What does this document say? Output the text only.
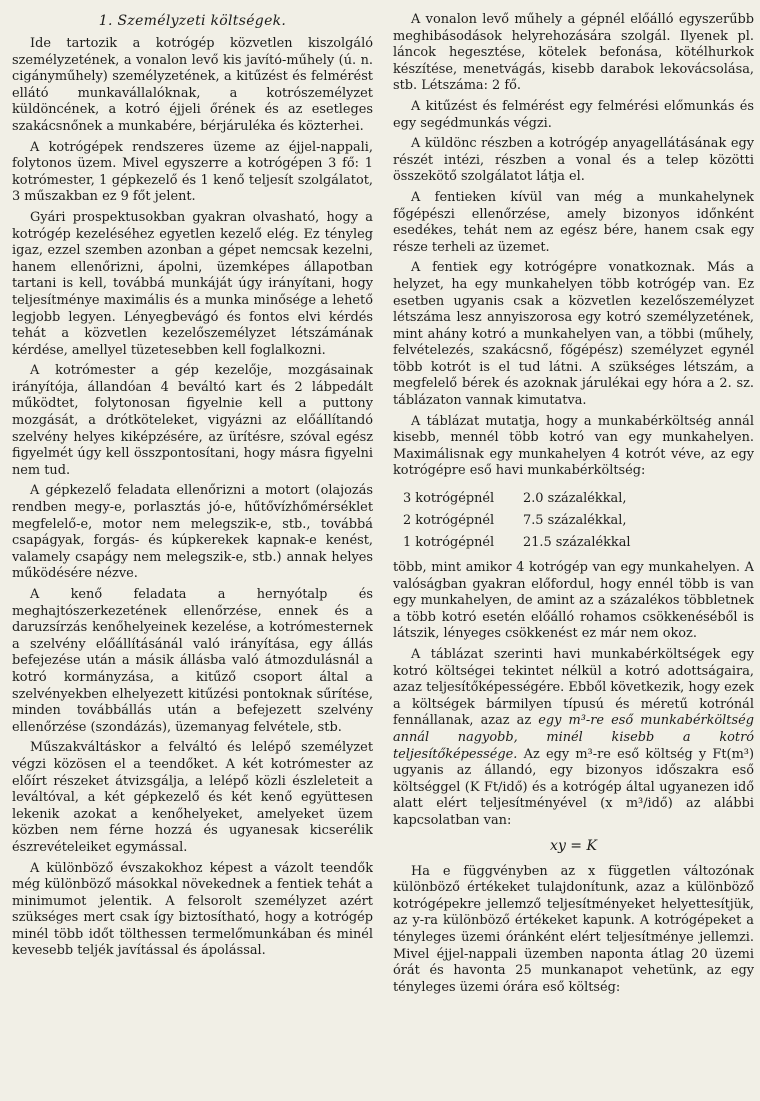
1. Személyzeti költségek.

Ide tartozik a kotrógép közvetlen kiszolgáló személyzetének, a vonalon levő kis javító-műhely (ú. n. cigányműhely) személyzetének, a kitűzést és felmérést ellátó munkavállalóknak, a kotrószemélyzet küldöncének, a kotró éjjeli őrének és az esetleges szakácsnőnek a munkabére, bérjáruléka és közterhei.

A kotrógépek rendszeres üzeme az éjjel-nappali, folytonos üzem. Mivel egyszerre a kotrógépen 3 fő: 1 kotrómester, 1 gépkezelő és 1 kenő teljesít szolgálatot, 3 műszakban ez 9 főt jelent.

Gyári prospektusokban gyakran olvasható, hogy a kotrógép kezeléséhez egyetlen kezelő elég. Ez tényleg igaz, ezzel szemben azonban a gépet nemcsak kezelni, hanem ellenőrizni, ápolni, üzemképes állapotban tartani is kell, továbbá munkáját úgy irányítani, hogy teljesítménye maximális és a munka minősége a lehető legjobb legyen. Lényegbevágó és fontos elvi kérdés tehát a közvetlen kezelőszemélyzet létszámának kérdése, amellyel tüzetesebben kell foglalkozni.

A kotrómester a gép kezelője, mozgásainak irányítója, állandóan 4 beváltó kart és 2 lábpedált működtet, folytonosan figyelnie kell a puttony mozgását, a drótköteleket, vigyázni az előállítandó szelvény helyes kiképzésére, az ürítésre, szóval egész figyelmét úgy kell összpontosítani, hogy másra figyelni nem tud.

A gépkezelő feladata ellenőrizni a motort (olajozás rendben megy-e, porlasztás jó-e, hűtővízhőmérséklet megfelelő-e, motor nem melegszik-e, stb., továbbá csapágyak, forgás- és kúpkerekek kapnak-e kenést, valamely csapágy nem melegszik-e, stb.) annak helyes működésére nézve.

A kenő feladata a hernyótalp és meghajtószerkezetének ellenőrzése, ennek és a daruzsírzás kenőhelyeinek kezelése, a kotrómesternek a szelvény előállításánál való irányítása, egy állás befejezése után a másik állásba való átmozdulásnál a kotró kormányzása, a kitűző csoport által a szelvényekben elhelyezett kitűzési pontoknak sűrítése, minden továbbállás után a befejezett szelvény ellenőrzése (szondázás), üzemanyag felvétele, stb.

Műszakváltáskor a felváltó és lelépő személyzet végzi közösen el a teendőket. A két kotrómester az előírt részeket átvizsgálja, a lelépő közli észleleteit a leváltóval, a két gépkezelő és két kenő együttesen lekenik azokat a kenőhelyeket, amelyeket üzem közben nem férne hozzá és ugyanesak kicserélik észrevételeiket egymással.

A különböző évszakokhoz képest a vázolt teendők még különböző másokkal növekednek a fentiek tehát a minimumot jelentik. A felsorolt személyzet azért szükséges mert csak így biztosítható, hogy a kotrógép minél több időt tölthessen termelőmunkában és minél kevesebb teljék javítással és ápolással.

A vonalon levő műhely a gépnél előálló egyszerűbb meghibásodások helyrehozására szolgál. Ilyenek pl. láncok hegesztése, kötelek befonása, kötélhurkok készítése, menetvágás, kisebb darabok lekovácsolása, stb. Létszáma: 2 fő.

A kitűzést és felmérést egy felmérési előmunkás és egy segédmunkás végzi.

A küldönc részben a kotrógép anyagellátásának egy részét intézi, részben a vonal és a telep közötti összekötő szolgálatot látja el.

A fentieken kívül van még a munkahelynek főgépészi ellenőrzése, amely bizonyos időnként esedékes, tehát nem az egész bére, hanem csak egy része terheli az üzemet.

A fentiek egy kotrógépre vonatkoznak. Más a helyzet, ha egy munkahelyen több kotrógép van. Ez esetben ugyanis csak a közvetlen kezelőszemélyzet létszáma lesz annyiszorosa egy kotró személyzetének, mint ahány kotró a munkahelyen van, a többi (műhely, felvételezés, szakácsnő, főgépész) személyzet egynél több kotrót is el tud látni. A szükséges létszám, a megfelelő bérek és azoknak járulékai egy hóra a 2. sz. táblázaton vannak kimutatva.

A táblázat mutatja, hogy a munkabérköltség annál kisebb, mennél több kotró van egy munkahelyen. Maximálisnak egy munkahelyen 4 kotrót véve, az egy kotrógépre eső havi munkabérköltség:

3 kotrógépnél	2.0 százalékkal,
2 kotrógépnél	7.5 százalékkal,
1 kotrógépnél	21.5 százalékkal

több, mint amikor 4 kotrógép van egy munkahelyen. A valóságban gyakran előfordul, hogy ennél több is van egy munkahelyen, de amint az a százalékos többletnek a több kotró esetén előálló rohamos csökkenéséből is látszik, lényeges csökkenést ez már nem okoz.

A táblázat szerinti havi munkabérköltségek egy kotró költségei tekintet nélkül a kotró adottságaira, azaz teljesítőképességére. Ebből következik, hogy ezek a költségek bármilyen típusú és méretű kotrónál fennállanak, azaz az egy m³-re eső munkabérköltség annál nagyobb, minél kisebb a kotró teljesítőképessége. Az egy m³-re eső költség y Ft(m³) ugyanis az állandó, egy bizonyos időszakra eső költséggel (K Ft/idő) és a kotrógép által ugyanezen idő alatt elért teljesítményével (x m³/idő) az alábbi kapcsolatban van:

xy = K

Ha e függvényben az x független változónak különböző értékeket tulajdonítunk, azaz a különböző kotrógépekre jellemző teljesítményeket helyettesítjük, az y-ra különböző értékeket kapunk. A kotrógépeket a tényleges üzemi óránként elért teljesítménye jellemzi. Mivel éjjel-nappali üzemben naponta átlag 20 üzemi órát és havonta 25 munkanapot vehetünk, az egy tényleges üzemi órára eső költség:
